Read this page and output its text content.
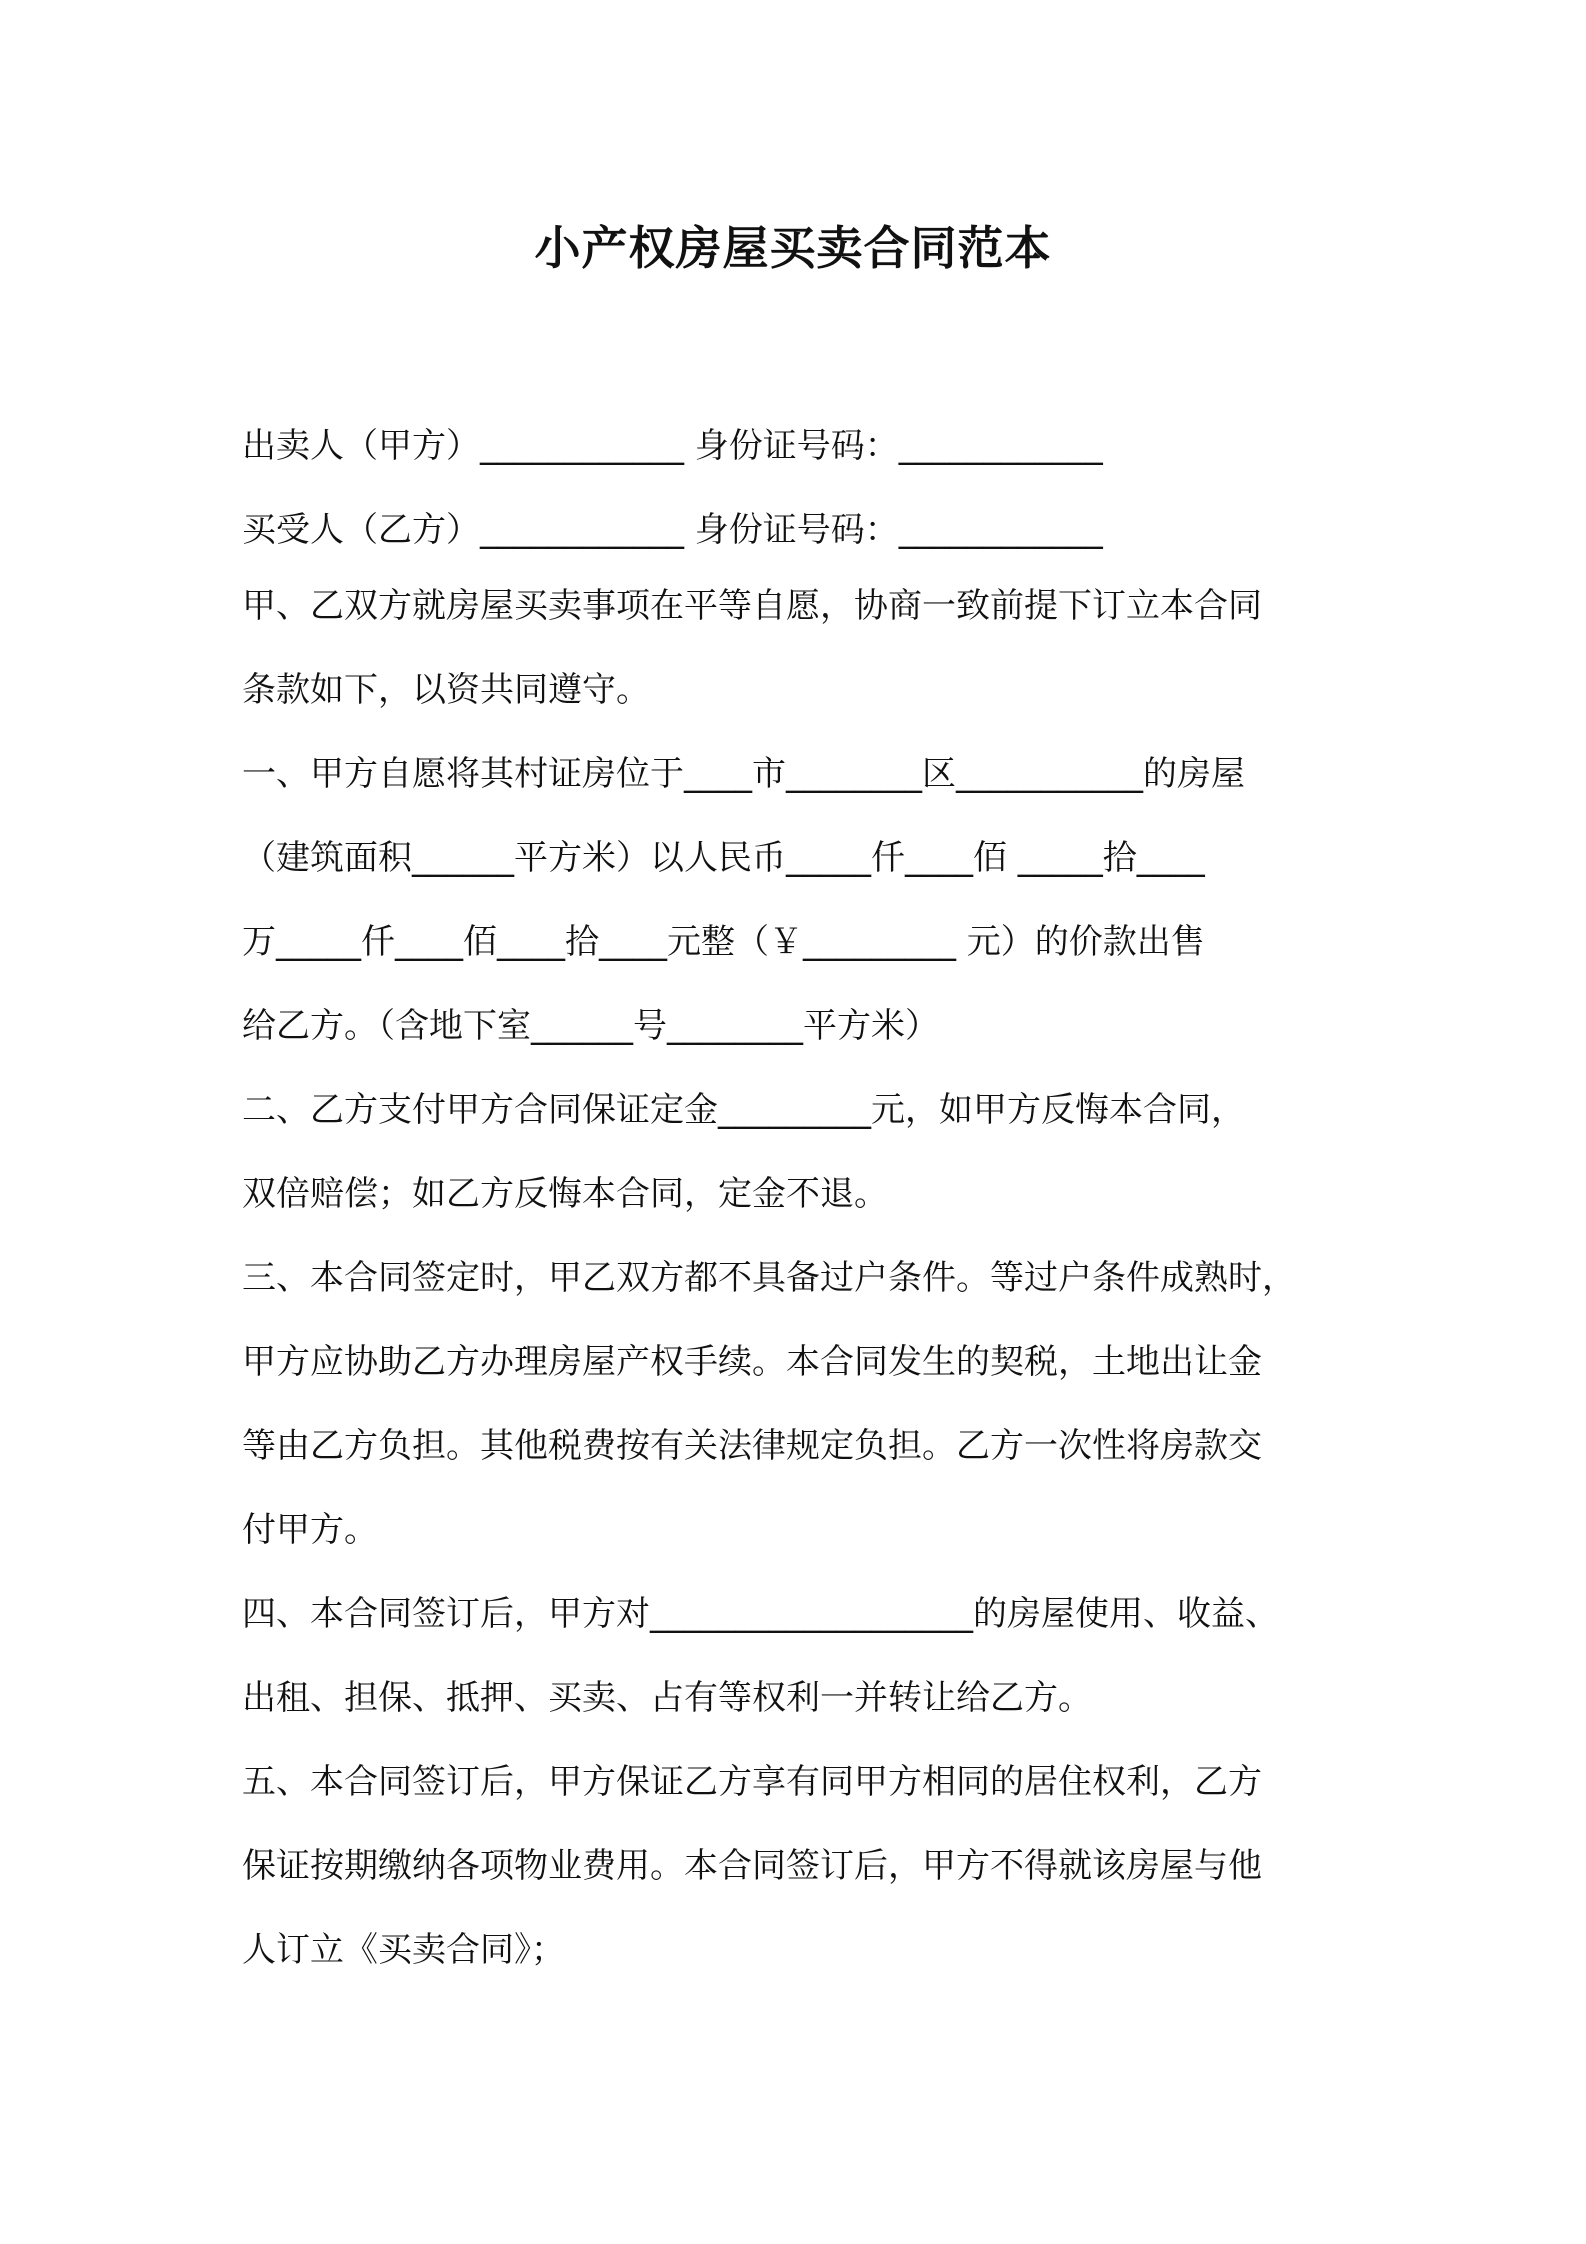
小产权房屋买卖合同范本
出卖人（甲方）____________ 身份证号码：____________
买受人（乙方）____________ 身份证号码：____________
甲、乙双方就房屋买卖事项在平等自愿，协商一致前提下订立本合同
条款如下，以资共同遵守。
一、甲方自愿将其村证房位于____市________区___________的房屋
（建筑面积______平方米）以人民币_____仟____佰 _____拾____
万_____仟____佰____拾____元整（￥_________ 元）的价款出售
给乙方。（含地下室______号________平方米）
二、乙方支付甲方合同保证定金_________元，如甲方反悔本合同，
双倍赔偿；如乙方反悔本合同，定金不退。
三、本合同签定时，甲乙双方都不具备过户条件。等过户条件成熟时，
甲方应协助乙方办理房屋产权手续。本合同发生的契税，土地出让金
等由乙方负担。其他税费按有关法律规定负担。乙方一次性将房款交
付甲方。
四、本合同签订后，甲方对___________________的房屋使用、收益、
出租、担保、抵押、买卖、占有等权利一并转让给乙方。
五、本合同签订后，甲方保证乙方享有同甲方相同的居住权利，乙方
保证按期缴纳各项物业费用。本合同签订后，甲方不得就该房屋与他
人订立《买卖合同》；
